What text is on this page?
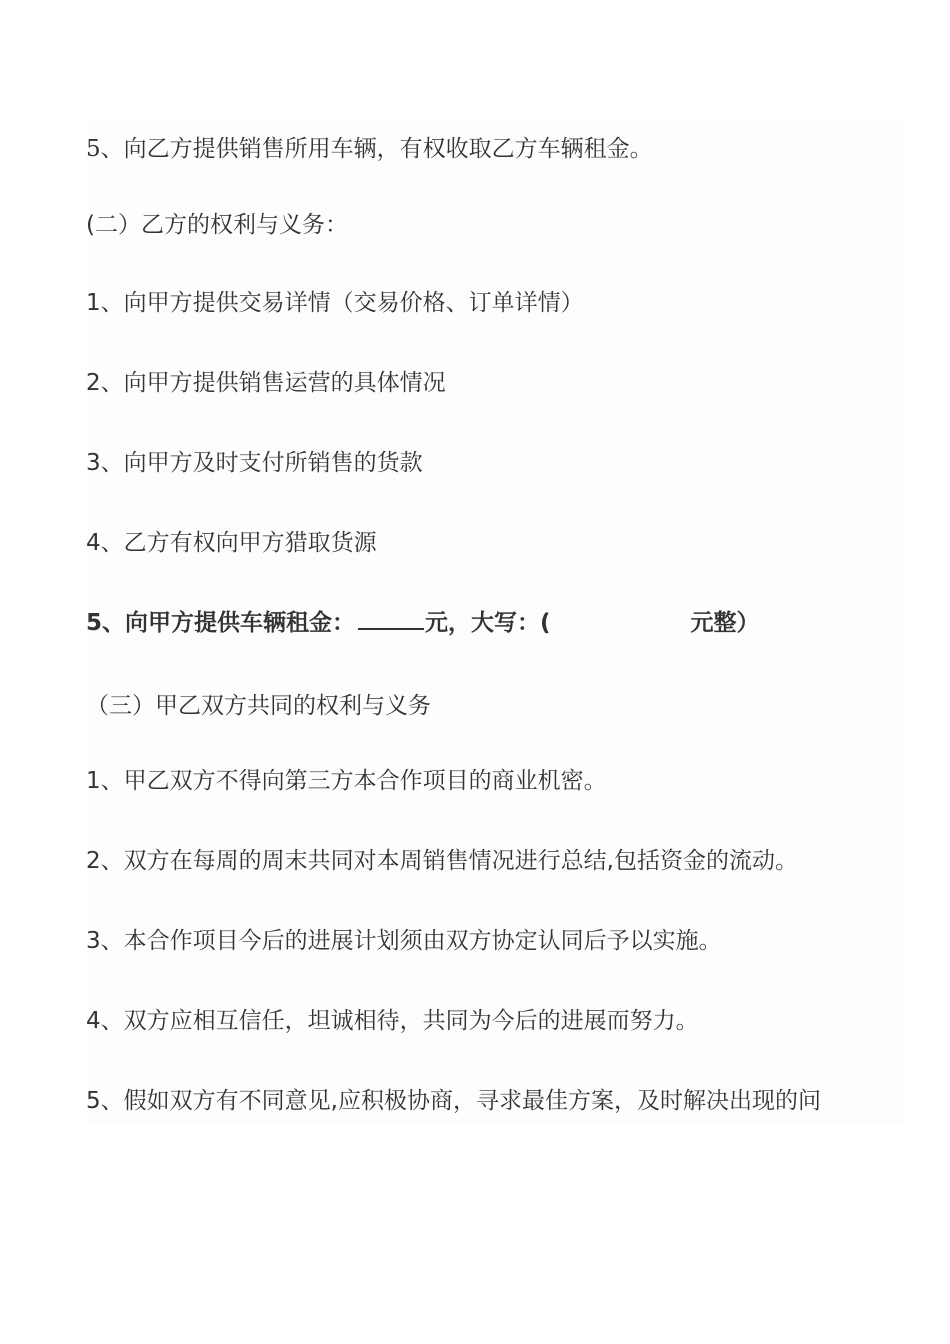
5、向乙方提供销售所用车辆，有权收取乙方车辆租金。
(二）乙方的权利与义务：
1、向甲方提供交易详情（交易价格、订单详情）
2、向甲方提供销售运营的具体情况
3、向甲方及时支付所销售的货款
4、乙方有权向甲方猎取货源
5、向甲方提供车辆租金：	元，大写：(	元整）
（三）甲乙双方共同的权利与义务
1、甲乙双方不得向第三方本合作项目的商业机密。
2、双方在每周的周末共同对本周销售情况进行总结,包括资金的流动。
3、本合作项目今后的进展计划须由双方协定认同后予以实施。
4、双方应相互信任，坦诚相待，共同为今后的进展而努力。
5、假如双方有不同意见,应积极协商，寻求最佳方案，及时解决出现的问
